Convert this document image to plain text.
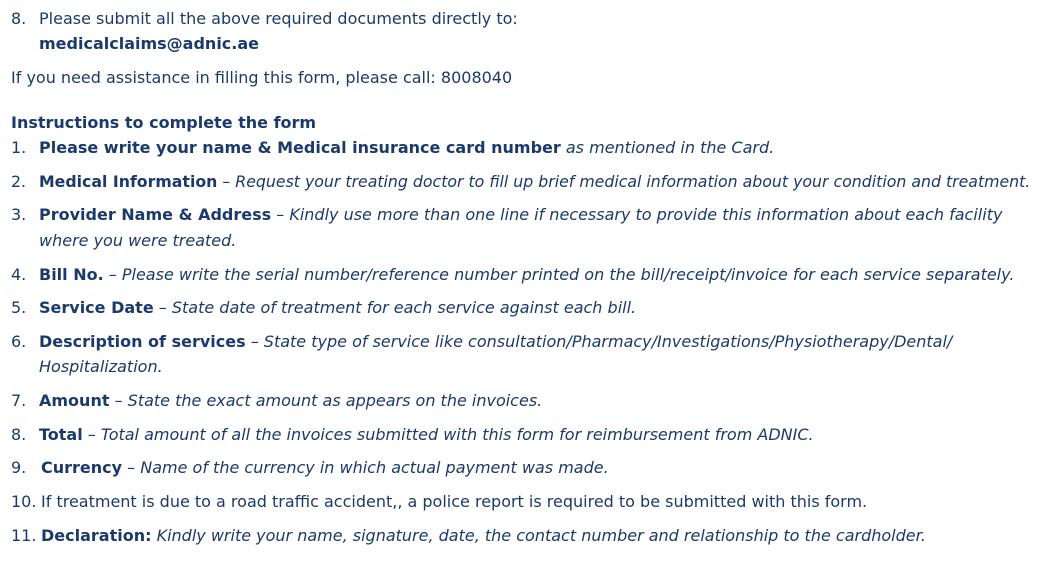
8. Please submit all the above required documents directly to:
medicalclaims@adnic.ae
If you need assistance in filling this form, please call: 8008040
Instructions to complete the form
1. Please write your name & Medical insurance card number as mentioned in the Card.
2. Medical Information – Request your treating doctor to fill up brief medical information about your condition and treatment.
3. Provider Name & Address – Kindly use more than one line if necessary to provide this information about each facility
where you were treated.
4. Bill No. – Please write the serial number/reference number printed on the bill/receipt/invoice for each service separately.
5. Service Date – State date of treatment for each service against each bill.
6. Description of services – State type of service like consultation/Pharmacy/Investigations/Physiotherapy/Dental/
Hospitalization.
7. Amount – State the exact amount as appears on the invoices.
8. Total – Total amount of all the invoices submitted with this form for reimbursement from ADNIC.
9. Currency – Name of the currency in which actual payment was made.
10. If treatment is due to a road traffic accident,, a police report is required to be submitted with this form.
11. Declaration: Kindly write your name, signature, date, the contact number and relationship to the cardholder.
